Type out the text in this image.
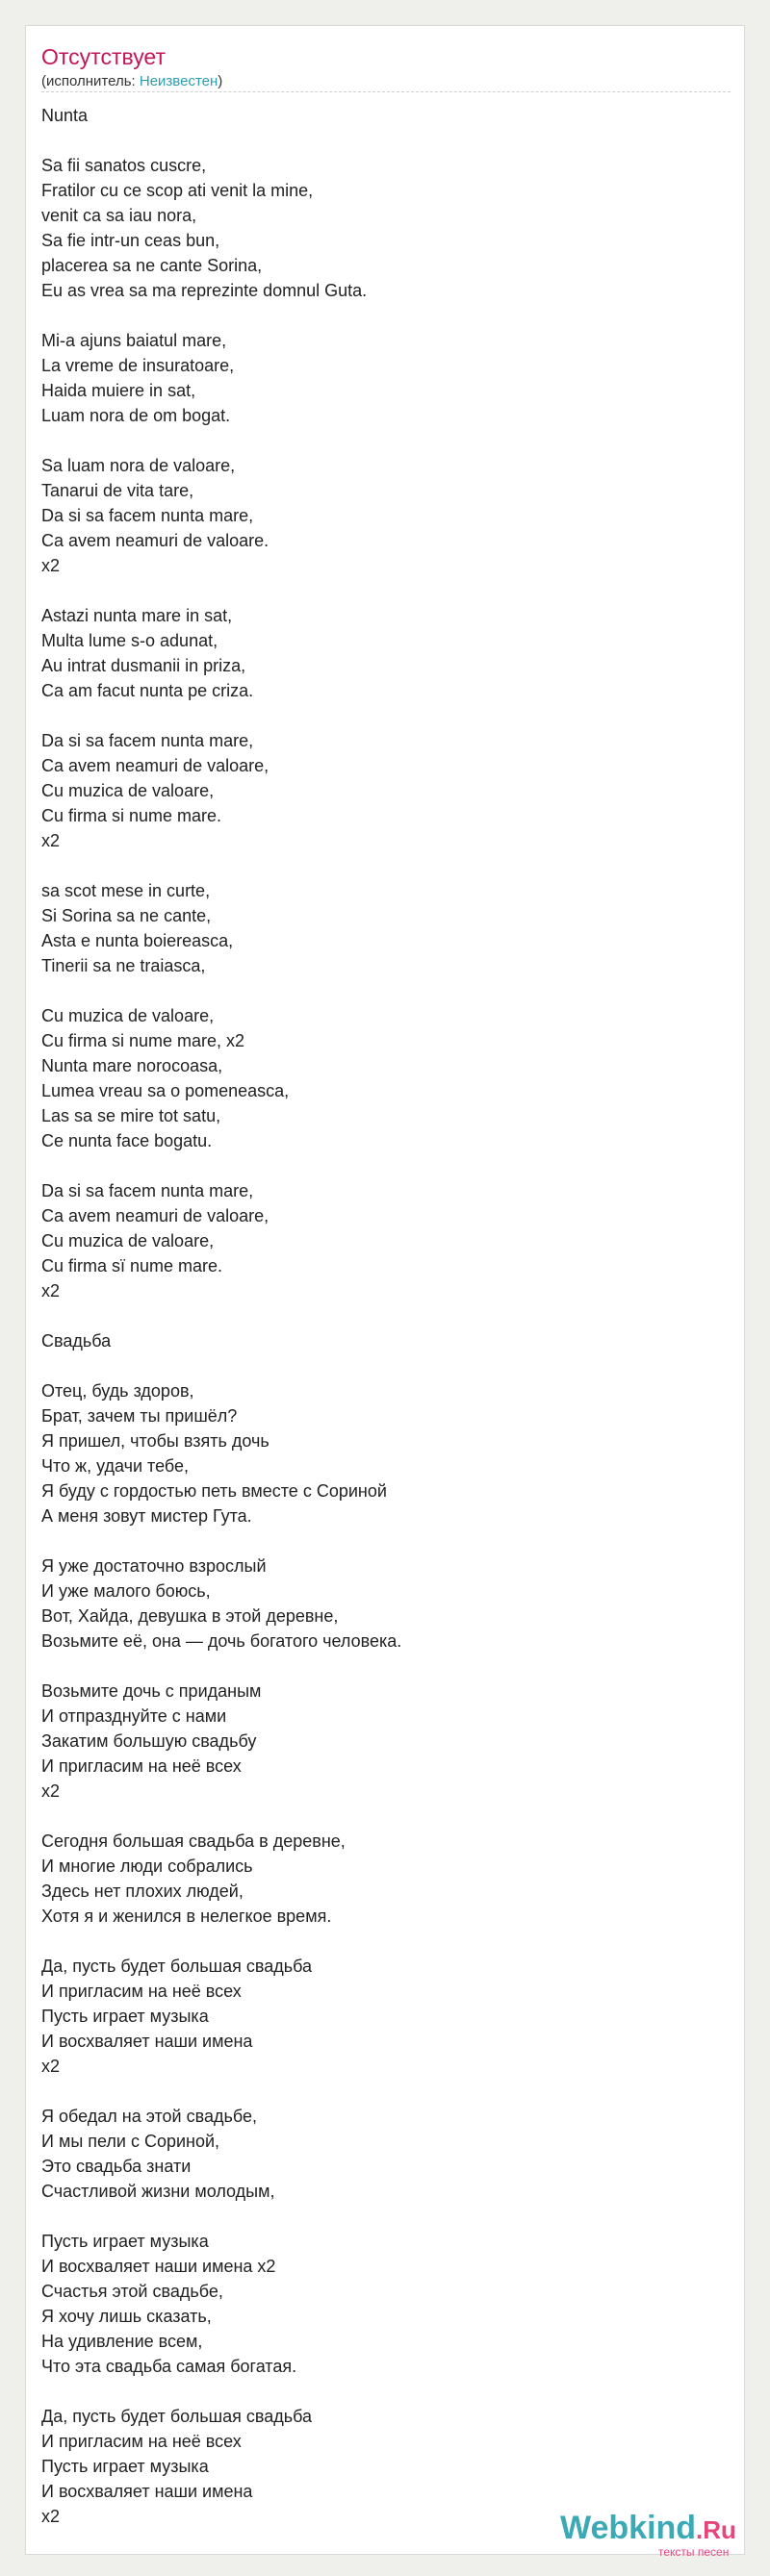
Отсутствует
(исполнитель: Неизвестен)
Nunta

Sa fii sanatos cuscre,
Fratilor cu ce scop ati venit la mine,
venit ca sa iau nora,
Sa fie intr-un ceas bun,
placerea sa ne cante Sorina,
Eu as vrea sa ma reprezinte domnul Guta.

Mi-a ajuns baiatul mare,
La vreme de insuratoare,
Haida muiere in sat,
Luam nora de om bogat.

Sa luam nora de valoare,
Tanarui de vita tare,
Da si sa facem nunta mare,
Ca avem neamuri de valoare.
x2

Astazi nunta mare in sat,
Multa lume s-o adunat,
Au intrat dusmanii in priza,
Ca am facut nunta pe criza.

Da si sa facem nunta mare,
Ca avem neamuri de valoare,
Cu muzica de valoare,
Cu firma si nume mare.
x2

sa scot mese in curte,
Si Sorina sa ne cante,
Asta e nunta boiereasca,
Tinerii sa ne traiasca,

Cu muzica de valoare,
Cu firma si nume mare, x2
Nunta mare norocoasa,
Lumea vreau sa o pomeneasca,
Las sa se mire tot satu,
Ce nunta face bogatu.

Da si sa facem nunta mare,
Ca avem neamuri de valoare,
Cu muzica de valoare,
Cu firma sï nume mare.
x2

Свадьба

Отец, будь здоров,
Брат, зачем ты пришёл?
Я пришел, чтобы взять дочь
Что ж, удачи тебе,
Я буду с гордостью петь вместе с Сориной
А меня зовут мистер Гута.

Я уже достаточно взрослый
И уже малого боюсь,
Вот, Хайда, девушка в этой деревне,
Возьмите её, она — дочь богатого человека.

Возьмите дочь с приданым
И отпразднуйте с нами
Закатим большую свадьбу
И пригласим на неё всех
x2

Сегодня большая свадьба в деревне,
И многие люди собрались
Здесь нет плохих людей,
Хотя я и женился в нелегкое время.

Да, пусть будет большая свадьба
И пригласим на неё всех
Пусть играет музыка
И восхваляет наши имена
x2

Я обедал на этой свадьбе,
И мы пели с Сориной,
Это свадьба знати
Счастливой жизни молодым,

Пусть играет музыка
И восхваляет наши имена x2
Счастья этой свадьбе,
Я хочу лишь сказать,
На удивление всем,
Что эта свадьба самая богатая.

Да, пусть будет большая свадьба
И пригласим на неё всех
Пусть играет музыка
И восхваляет наши имена
x2	Webkind.Ru
тексты песен
